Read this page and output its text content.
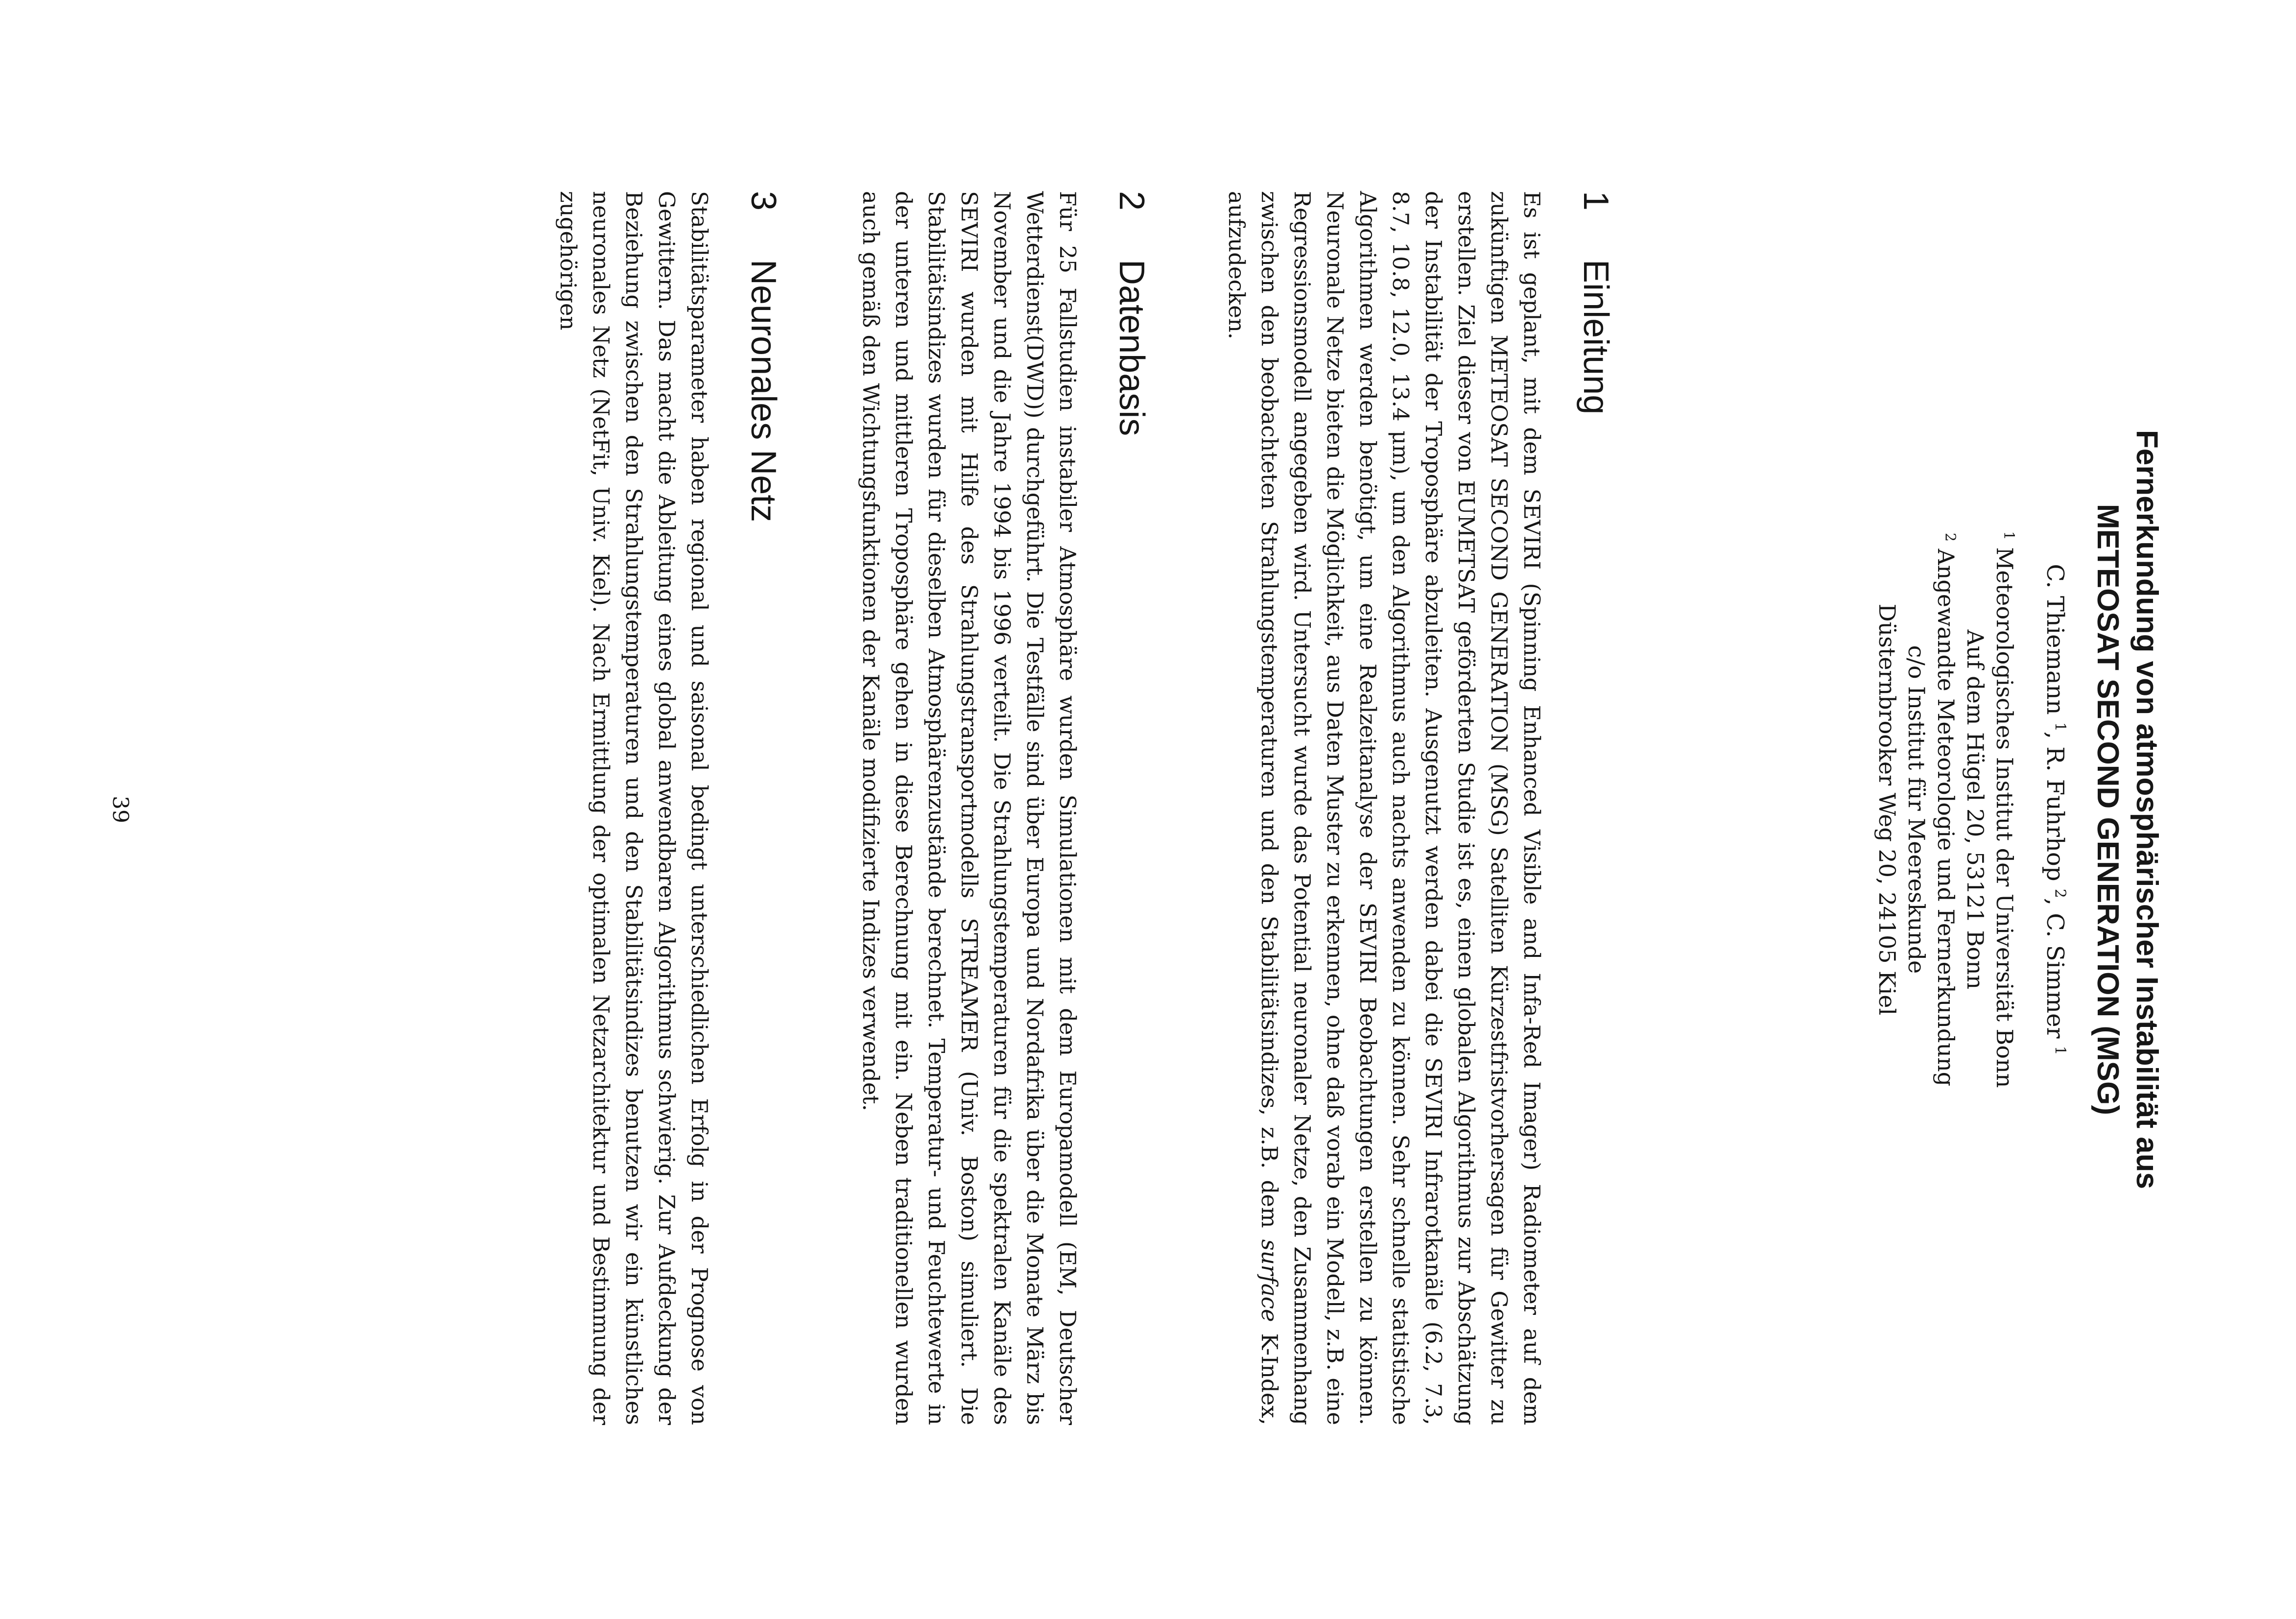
Fernerkundung von atmosphärischer Instabilität aus
METEOSAT SECOND GENERATION (MSG)
C. Thiemann $^1$, R. Fuhrhop $^2$, C. Simmer $^1$
$^1$ Meteorologisches Institut der Universität Bonn
Auf dem Hügel 20, 53121 Bonn
$^2$ Angewandte Meteorologie und Fernerkundung
c/o Institut für Meereskunde
Düsternbrooker Weg 20, 24105 Kiel
1
Einleitung

Es ist geplant, mit dem SEVIRI (Spinning Enhanced Visible and Infa-Red Imager) Radiometer auf dem zukünftigen METEOSAT SECOND GENERATION (MSG) Satelliten Kürzestfristvorhersagen für Gewitter zu erstellen. Ziel dieser von EUMETSAT geförderten Studie ist es, einen globalen Algorithmus zur Abschätzung der Instabilität der Troposphäre abzuleiten. Ausgenutzt werden dabei die SEVIRI Infrarotkanäle (6.2, 7.3, 8.7, 10.8, 12.0, 13.4 μm), um den Algorithmus auch nachts anwenden zu können. Sehr schnelle statistische Algorithmen werden benötigt, um eine Realzeitanalyse der SEVIRI Beobachtungen erstellen zu können. Neuronale Netze bieten die Möglichkeit, aus Daten Muster zu erkennen, ohne daß vorab ein Modell, z.B. eine Regressionsmodell angegeben wird. Untersucht wurde das Potential neuronaler Netze, den Zusammenhang zwischen den beobachteten Strahlungstemperaturen und den Stabilitätsindizes, z.B. dem surface K-Index, aufzudecken.

2
Datenbasis

Für 25 Fallstudien instabiler Atmosphäre wurden Simulationen mit dem Europamodell (EM, Deutscher Wetterdienst(DWD)) durchgeführt. Die Testfälle sind über Europa und Nordafrika über die Monate März bis November und die Jahre 1994 bis 1996 verteilt. Die Strahlungstemperaturen für die spektralen Kanäle des SEVIRI wurden mit Hilfe des Strahlungstransportmodells STREAMER (Univ. Boston) simuliert. Die Stabilitätsindizes wurden für dieselben Atmosphärenzustände berechnet. Temperatur- und Feuchtewerte in der unteren und mittleren Troposphäre gehen in diese Berechnung mit ein. Neben traditionellen wurden auch gemäß den Wichtungsfunktionen der Kanäle modifizierte Indizes verwendet.

3
Neuronales Netz

Stabilitätsparameter haben regional und saisonal bedingt unterschiedlichen Erfolg in der Prognose von Gewittern. Das macht die Ableitung eines global anwendbaren Algorithmus schwierig. Zur Aufdeckung der Beziehung zwischen den Strahlungstemperaturen und den Stabilitätsindizes benutzen wir ein künstliches neuronales Netz (NetFit, Univ. Kiel). Nach Ermittlung der optimalen Netzarchitektur und Bestimmung der zugehörigen

39
